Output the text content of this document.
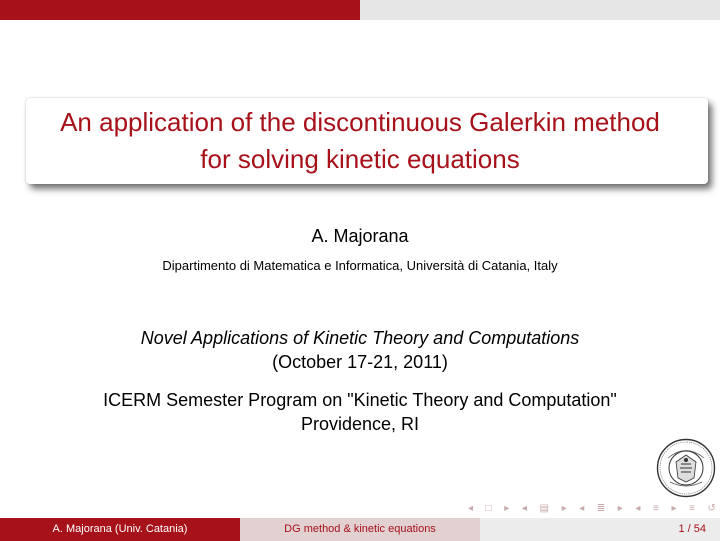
An application of the discontinuous Galerkin method
for solving kinetic equations
A. Majorana
Dipartimento di Matematica e Informatica, Università di Catania, Italy
Novel Applications of Kinetic Theory and Computations
(October 17-21, 2011)
ICERM Semester Program on "Kinetic Theory and Computation"
Providence, RI
◂ □ ▸ ◂ ▤ ▸ ◂ ≣ ▸ ◂ ≡ ▸ ≡ ↺
A. Majorana (Univ. Catania)	DG method & kinetic equations	1 / 54
